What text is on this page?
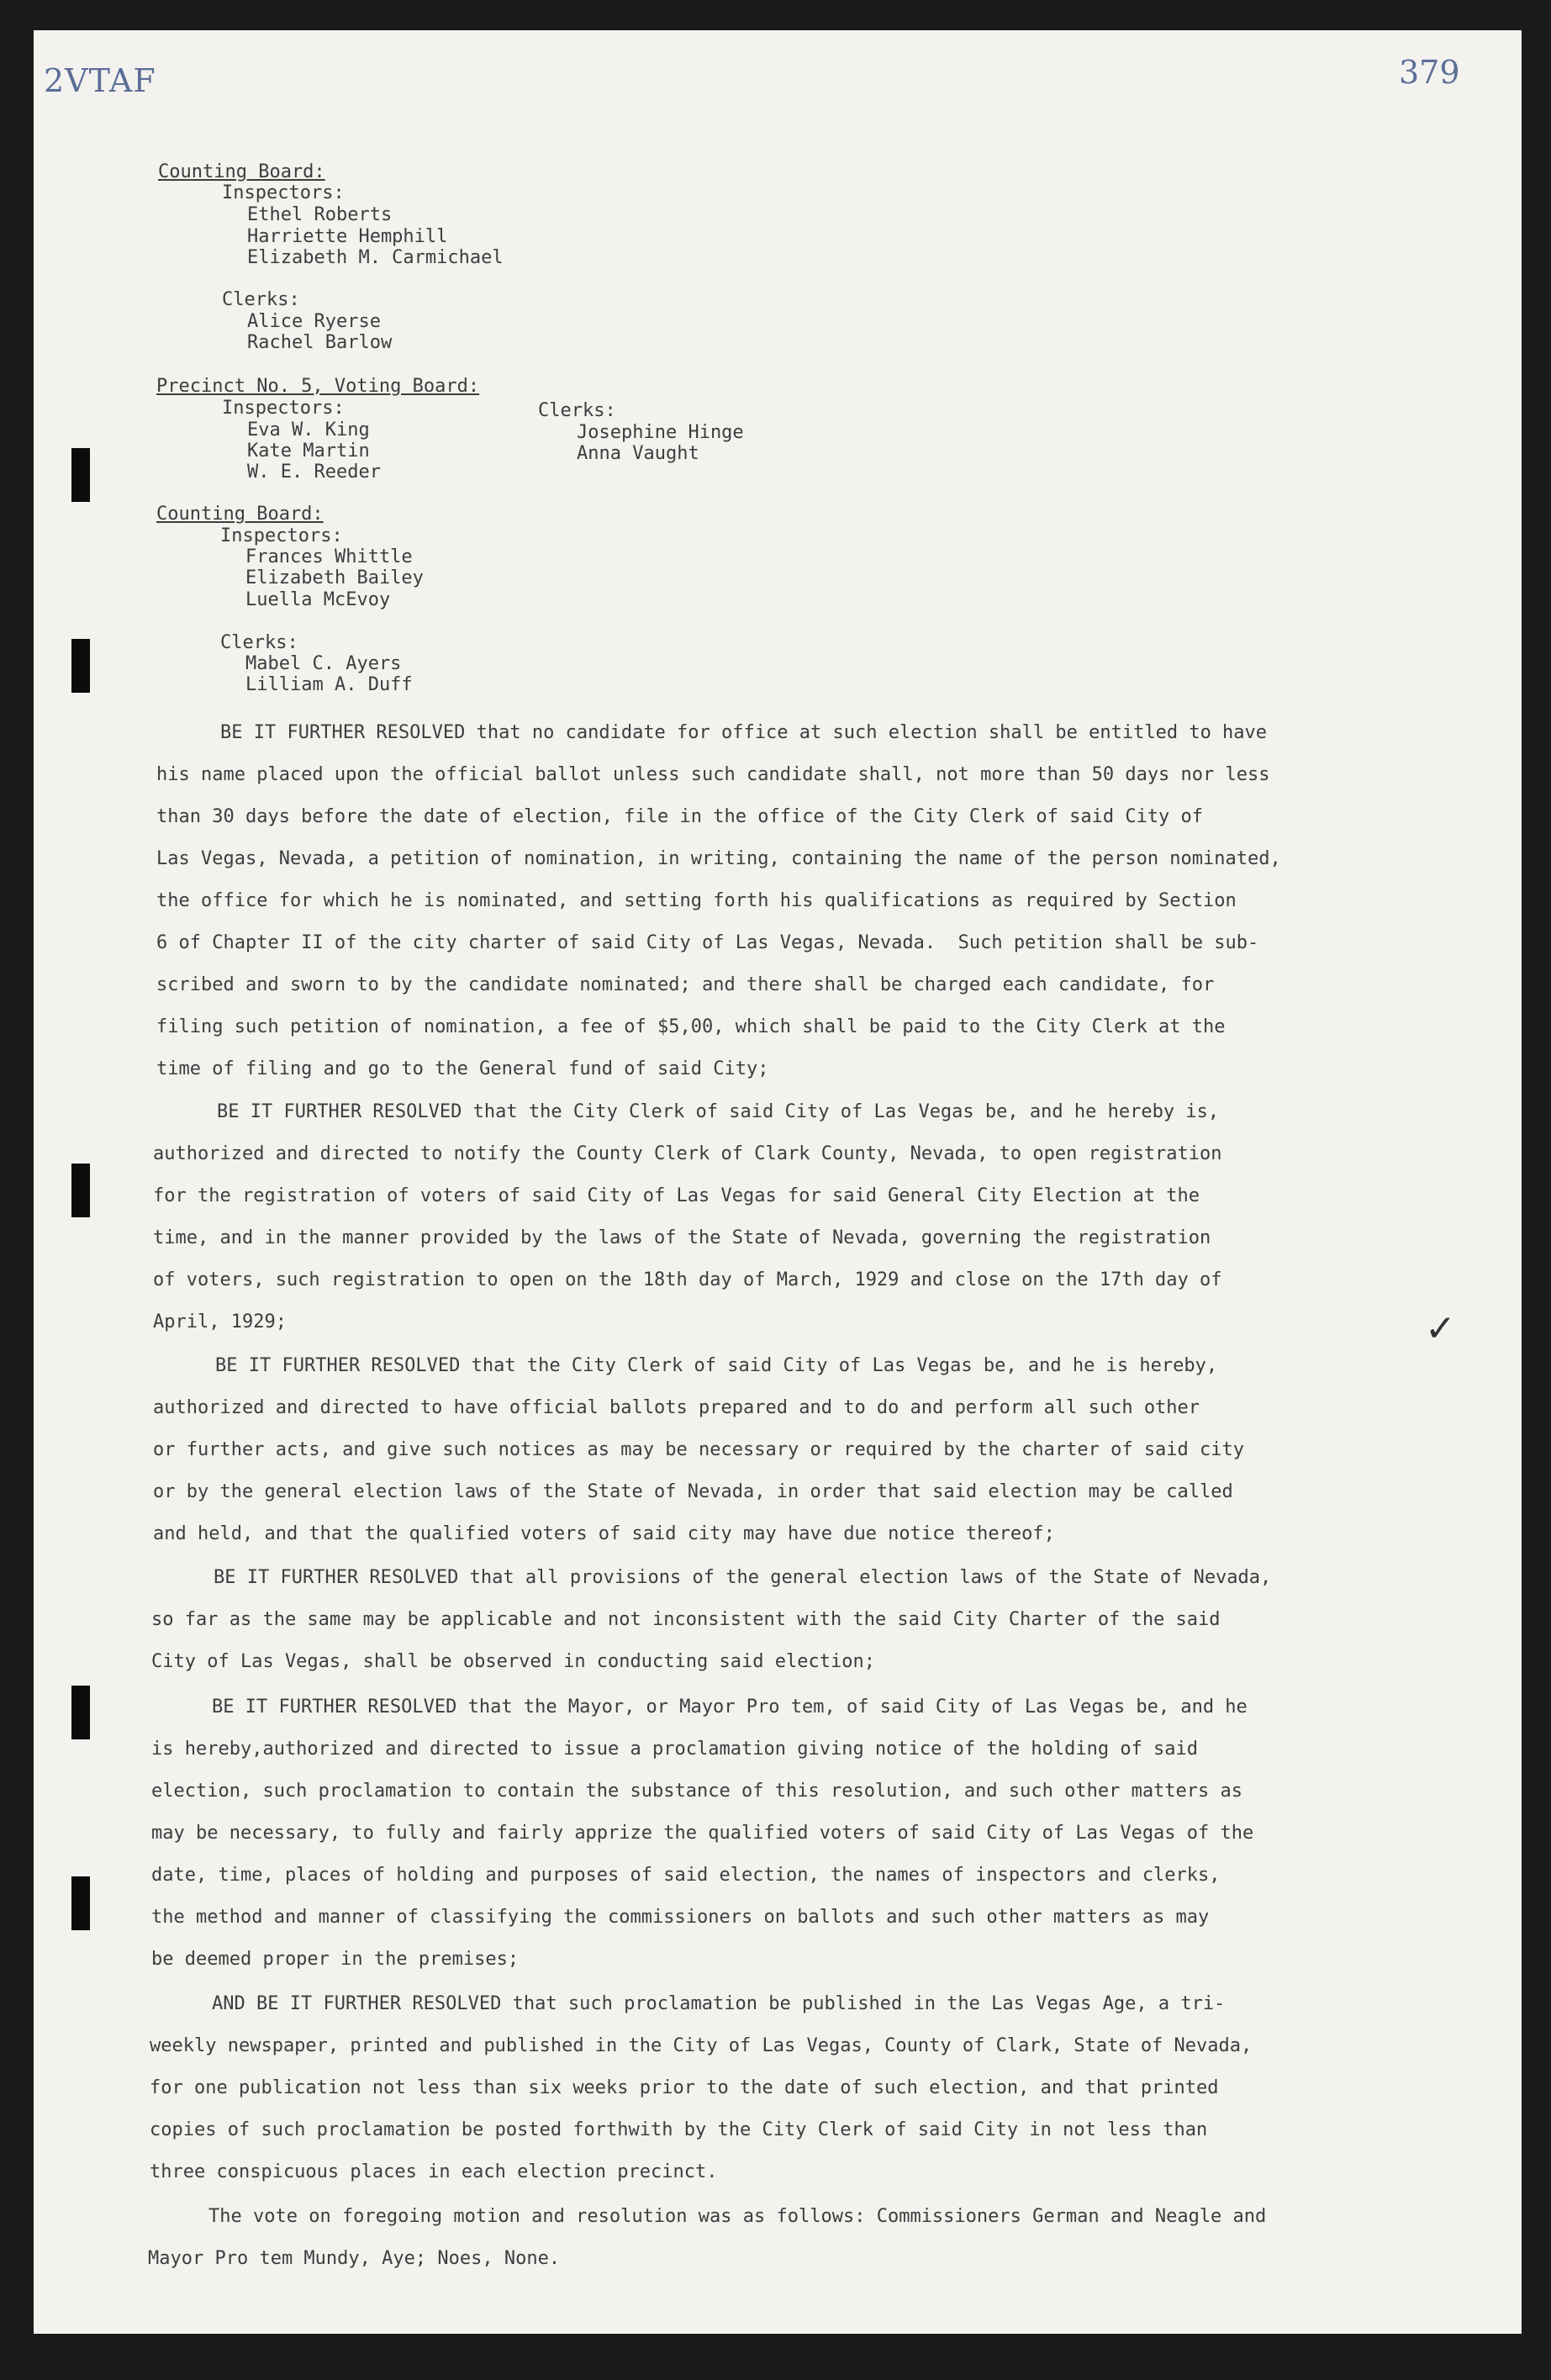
2VTAF	379
✓
Counting Board:
Inspectors:
Ethel Roberts
Harriette Hemphill
Elizabeth M. Carmichael
Clerks:
Alice Ryerse
Rachel Barlow
Precinct No. 5, Voting Board:
Inspectors:
Eva W. King
Kate Martin
W. E. Reeder
Clerks:
Josephine Hinge
Anna Vaught
Counting Board:
Inspectors:
Frances Whittle
Elizabeth Bailey
Luella McEvoy
Clerks:
Mabel C. Ayers
Lilliam A. Duff
BE IT FURTHER RESOLVED that no candidate for office at such election shall be entitled to have
his name placed upon the official ballot unless such candidate shall, not more than 50 days nor less
than 30 days before the date of election, file in the office of the City Clerk of said City of
Las Vegas, Nevada, a petition of nomination, in writing, containing the name of the person nominated,
the office for which he is nominated, and setting forth his qualifications as required by Section
6 of Chapter II of the city charter of said City of Las Vegas, Nevada.  Such petition shall be sub-
scribed and sworn to by the candidate nominated; and there shall be charged each candidate, for
filing such petition of nomination, a fee of $5,00, which shall be paid to the City Clerk at the
time of filing and go to the General fund of said City;
BE IT FURTHER RESOLVED that the City Clerk of said City of Las Vegas be, and he hereby is,
authorized and directed to notify the County Clerk of Clark County, Nevada, to open registration
for the registration of voters of said City of Las Vegas for said General City Election at the
time, and in the manner provided by the laws of the State of Nevada, governing the registration
of voters, such registration to open on the 18th day of March, 1929 and close on the 17th day of
April, 1929;
BE IT FURTHER RESOLVED that the City Clerk of said City of Las Vegas be, and he is hereby,
authorized and directed to have official ballots prepared and to do and perform all such other
or further acts, and give such notices as may be necessary or required by the charter of said city
or by the general election laws of the State of Nevada, in order that said election may be called
and held, and that the qualified voters of said city may have due notice thereof;
BE IT FURTHER RESOLVED that all provisions of the general election laws of the State of Nevada,
so far as the same may be applicable and not inconsistent with the said City Charter of the said
City of Las Vegas, shall be observed in conducting said election;
BE IT FURTHER RESOLVED that the Mayor, or Mayor Pro tem, of said City of Las Vegas be, and he
is hereby,authorized and directed to issue a proclamation giving notice of the holding of said
election, such proclamation to contain the substance of this resolution, and such other matters as
may be necessary, to fully and fairly apprize the qualified voters of said City of Las Vegas of the
date, time, places of holding and purposes of said election, the names of inspectors and clerks,
the method and manner of classifying the commissioners on ballots and such other matters as may
be deemed proper in the premises;
AND BE IT FURTHER RESOLVED that such proclamation be published in the Las Vegas Age, a tri-
weekly newspaper, printed and published in the City of Las Vegas, County of Clark, State of Nevada,
for one publication not less than six weeks prior to the date of such election, and that printed
copies of such proclamation be posted forthwith by the City Clerk of said City in not less than
three conspicuous places in each election precinct.
The vote on foregoing motion and resolution was as follows: Commissioners German and Neagle and
Mayor Pro tem Mundy, Aye; Noes, None.
